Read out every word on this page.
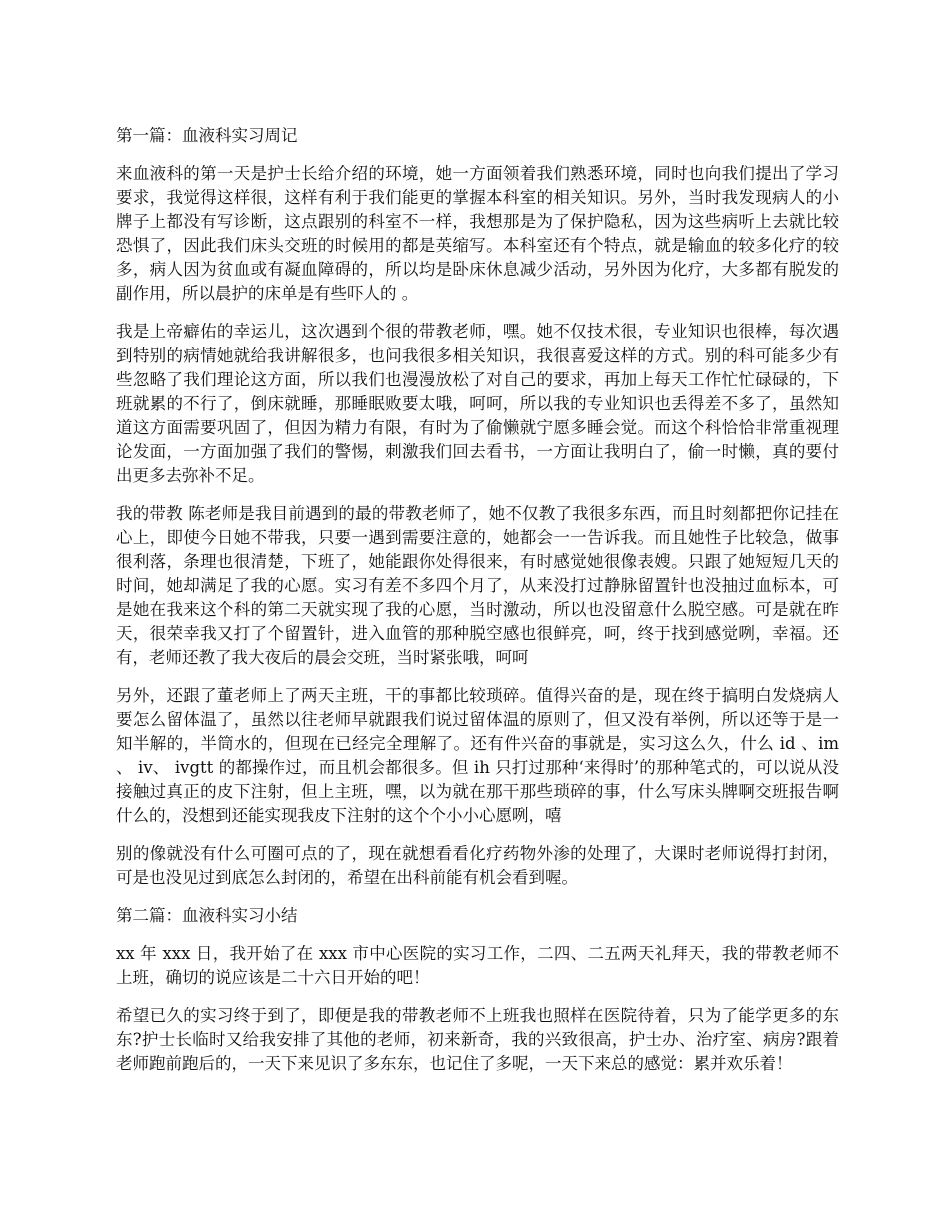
第一篇：血液科实习周记

来血液科的第一天是护士长给介绍的环境，她一方面领着我们熟悉环境，同时也向我们提出了学习要求，我觉得这样很，这样有利于我们能更的掌握本科室的相关知识。另外，当时我发现病人的小牌子上都没有写诊断，这点跟别的科室不一样，我想那是为了保护隐私，因为这些病听上去就比较恐惧了，因此我们床头交班的时候用的都是英缩写。本科室还有个特点，就是输血的较多化疗的较多，病人因为贫血或有凝血障碍的，所以均是卧床休息减少活动，另外因为化疗，大多都有脱发的副作用，所以晨护的床单是有些吓人的 。

我是上帝癖佑的幸运儿，这次遇到个很的带教老师，嘿。她不仅技术很，专业知识也很棒，每次遇到特别的病情她就给我讲解很多，也问我很多相关知识，我很喜爱这样的方式。别的科可能多少有些忽略了我们理论这方面，所以我们也漫漫放松了对自己的要求，再加上每天工作忙忙碌碌的，下班就累的不行了，倒床就睡，那睡眠败要太哦，呵呵，所以我的专业知识也丢得差不多了，虽然知道这方面需要巩固了，但因为精力有限，有时为了偷懒就宁愿多睡会觉。而这个科恰恰非常重视理论发面，一方面加强了我们的警惕，刺激我们回去看书，一方面让我明白了，偷一时懒，真的要付出更多去弥补不足。

我的带教 陈老师是我目前遇到的最的带教老师了，她不仅教了我很多东西，而且时刻都把你记挂在心上，即使今日她不带我，只要一遇到需要注意的，她都会一一告诉我。而且她性子比较急，做事很利落，条理也很清楚，下班了，她能跟你处得很来，有时感觉她很像表嫂。只跟了她短短几天的时间，她却满足了我的心愿。实习有差不多四个月了，从来没打过静脉留置针也没抽过血标本，可是她在我来这个科的第二天就实现了我的心愿，当时激动，所以也没留意什么脱空感。可是就在昨天，很荣幸我又打了个留置针，进入血管的那种脱空感也很鲜亮，呵，终于找到感觉咧，幸福。还有，老师还教了我大夜后的晨会交班，当时紧张哦，呵呵

另外，还跟了董老师上了两天主班，干的事都比较琐碎。值得兴奋的是，现在终于搞明白发烧病人要怎么留体温了，虽然以往老师早就跟我们说过留体温的原则了，但又没有举例，所以还等于是一知半解的，半筒水的，但现在已经完全理解了。还有件兴奋的事就是，实习这么久，什么 id 、im 、 iv、 ivgtt 的都操作过，而且机会都很多。但 ih 只打过那种‘来得时’的那种笔式的，可以说从没接触过真正的皮下注射，但上主班，嘿，以为就在那干那些琐碎的事，什么写床头牌啊交班报告啊什么的，没想到还能实现我皮下注射的这个个小小心愿咧，嘻

别的像就没有什么可圈可点的了，现在就想看看化疗药物外渗的处理了，大课时老师说得打封闭，可是也没见过到底怎么封闭的，希望在出科前能有机会看到喔。

第二篇：血液科实习小结

xx 年 xxx 日，我开始了在 xxx 市中心医院的实习工作，二四、二五两天礼拜天，我的带教老师不上班，确切的说应该是二十六日开始的吧！

希望已久的实习终于到了，即便是我的带教老师不上班我也照样在医院待着，只为了能学更多的东东?护士长临时又给我安排了其他的老师，初来新奇，我的兴致很高，护士办、治疗室、病房?跟着老师跑前跑后的，一天下来见识了多东东，也记住了多呢，一天下来总的感觉：累并欢乐着！
